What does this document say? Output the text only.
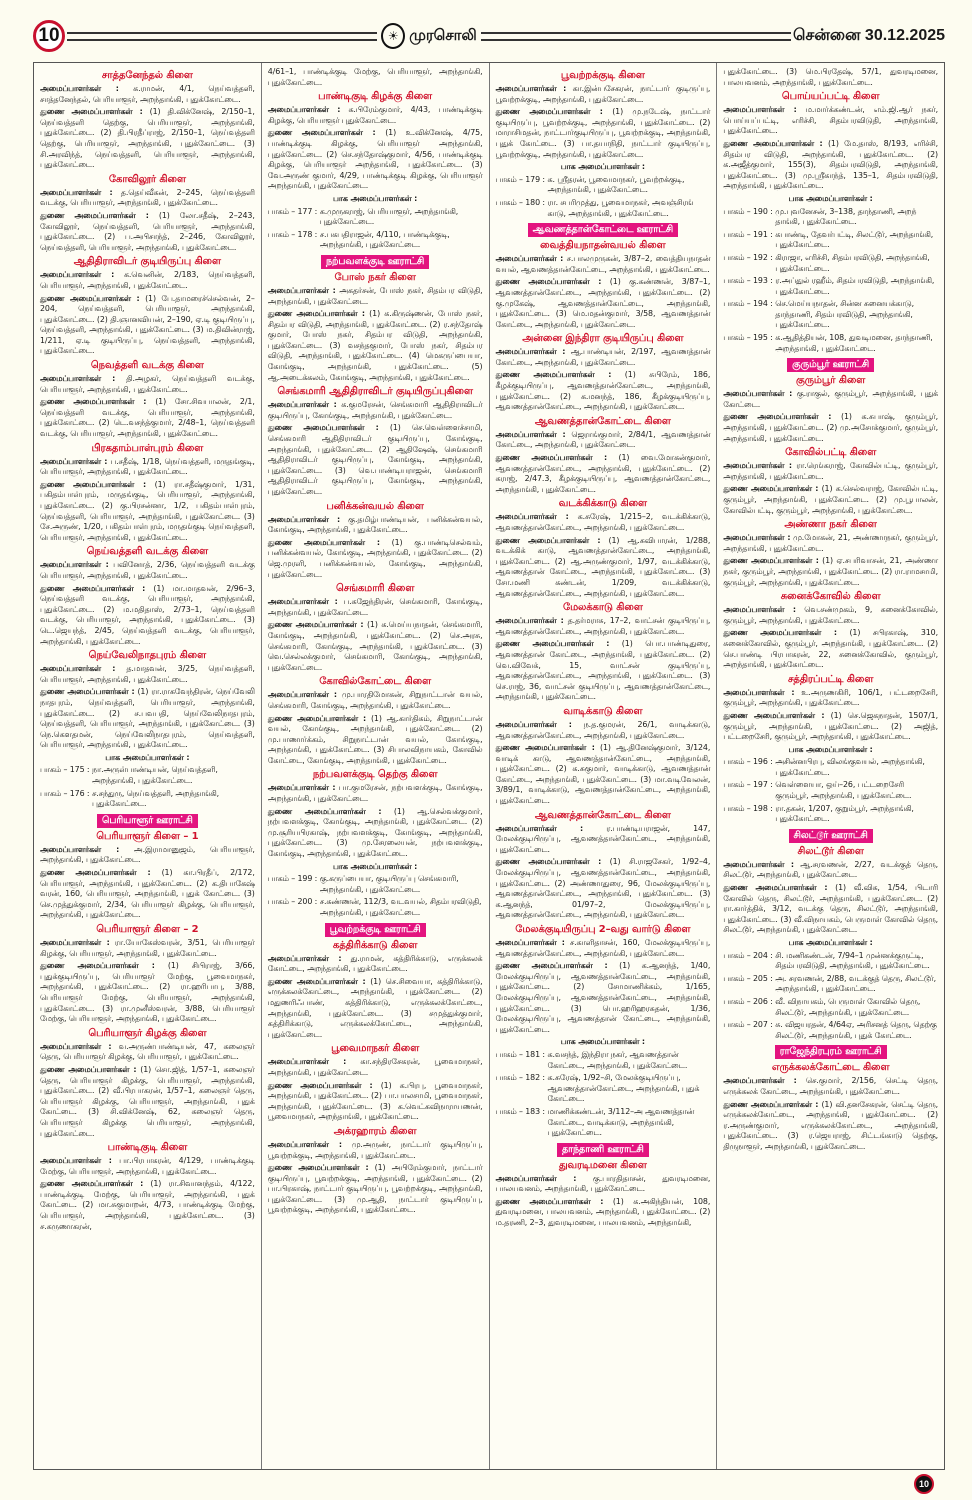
10	☀ முரசொலி	சென்னை 30.12.2025
சாத்தனேந்தல் கிளை
அமைப்பாளர்கள் : க.ராமன், 4/1, நெய்வத்தளி, சாத்தனேந்தல், பெரியாளூர், அறந்தாங்கி, புதுக்கோட்டை.
துணை அமைப்பாளர்கள் : (1) தி.விக்னேஷ், 2/150–1, நெய்வத்தளி தெற்கு, பெரியாளூர், அறந்தாங்கி, புதுக்கோட்டை. (2) தி.பிரதீப்ராஜ், 2/150–1, நெய்வத்தளி தெற்கு, பெரியாளூர், அறந்தாங்கி, புதுக்கோட்டை. (3) சி.அரவிந்த், நெய்வத்தளி, பெரியாளூர், அறந்தாங்கி, புதுக்கோட்டை.
கோவிலூர் கிளை
அமைப்பாளர்கள் : த.தெய்வீகன், 2–245, நெய்வத்தளி வடக்கு, பெரியாளூர், அறந்தாங்கி, புதுக்கோட்டை.
துணை அமைப்பாளர்கள் : (1) லோ.சதீஷ், 2–243, கோவிலூர், நெய்வத்தளி, பெரியாளூர், அறந்தாங்கி, புதுக்கோட்டை. (2) ப.அபிசாந்த், 2–246, கோவிலூர், நெய்வத்தளி, பெரியாளூர், அறந்தாங்கி, புதுக்கோட்டை.
ஆதிதிராவிடர் குடியிருப்பு கிளை
அமைப்பாளர்கள் : க.வெனின், 2/183, நெய்வத்தளி, பெரியாளூர், அறந்தாங்கி, புதுக்கோட்டை.
துணை அமைப்பாளர்கள் : (1) பே.தாமரைச்செல்வன், 2–204, நெய்வத்தளி, பெரியாளூர், அறந்தாங்கி, புதுக்கோட்டை. (2) தி.ஞானவியன், 2–190, ஏ.டி குடியிருப்பு, நெய்வத்தளி, அறந்தாங்கி, புதுக்கோட்டை. (3) ம.திவின்ராஜ், 1/211, ஏ.டி குடியிருப்பு, நெய்வத்தளி, அறந்தாங்கி, புதுக்கோட்டை.
நெவத்தளி வடக்கு கிளை
அமைப்பாளர்கள் : தி.அழகர், நெய்வத்தளி வடக்கு, பெரியாளூர், அறந்தாங்கி, புதுக்கோட்டை.
துணை அமைப்பாளர்கள் : (1) சோ.சிவபாலன், 2/1, நெய்வத்தளி வடக்கு, பெரியாளூர், அறந்தாங்கி, புதுக்கோட்டை. (2) டெ.வசந்த்குமார், 2/48–1, நெய்வத்தளி வடக்கு, பெரியாளூர், அறந்தாங்கி, புதுக்கோட்டை.
பிரகதாம்பாள்புரம் கிளை
அமைப்பாளர்கள் : ப.சதீஷ், 1/18, நெய்வத்தளி, மருதங்குடி, பெரியாளூர், அறந்தாங்கி, புதுக்கோட்டை.
துணை அமைப்பாளர்கள் : (1) ரா.சதீஷ்குமார், 1/31, பகிதம்பாள்புரம், மருதங்குடி, பெரியாளூர், அறந்தாங்கி, புதுக்கோட்டை. (2) கு.பிரசன்னா, 1/2, பகிதம்பாள்புரம், நெய்வத்தளி, பெரியாளூர், அறந்தாங்கி, புதுக்கோட்டை. (3) சே.அருண், 1/20, பகிதம்பாள்புரம், மருதங்குடி நெய்வத்தளி, பெரியாளூர், அறந்தாங்கி, புதுக்கோட்டை.
நெய்வத்தளி வடக்கு கிளை
அமைப்பாளர்கள் : பவினோத், 2/36, நெய்வத்தளி வடக்கு பெரியாளூர், அறந்தாங்கி, புதுக்கோட்டை.
துணை அமைப்பாளர்கள் : (1) மா.மாதவன், 2/96–3, நெய்வத்தளி வடக்கு, பெரியாளூர், அறந்தாங்கி, புதுக்கோட்டை. (2) ம.மதிதாஸ், 2/73–1, நெய்வத்தளி வடக்கு, பெரியாளூர், அறந்தாங்கி, புதுக்கோட்டை. (3) டெ.ஜெயந்த், 2/45, நெய்வத்தளி வடக்கு, பெரியாளூர், அறந்தாங்கி, புதுக்கோட்டை.
நெய்வேலிநாதபுரம் கிளை
அமைப்பாளர்கள் : த.மாதவன், 3/25, நெய்வத்தளி, பெரியாளூர், அறந்தாங்கி, புதுக்கோட்டை.
துணை அமைப்பாளர்கள் : (1) ரா.ராகவேந்திரன், நெய்வேலி நாதபுரம், நெய்வத்தளி, பெரியாளூர், அறந்தாங்கி, புதுக்கோட்டை. (2) ச.பவபதி, நெய்வேலிநாதபுரம், நெய்வத்தளி, பெரியாளூர், அறந்தாங்கி, புதுக்கோட்டை. (3) நெ.கௌதமன், நெய்வேலிநாதபுரம், நெய்வத்தளி, பெரியாளூர், அறந்தாங்கி, புதுக்கோட்டை.
பாக அமைப்பாளர்கள் :
பாகம் – 175 : நா.அருள்பாண்டியன், நெய்வத்தளி, அறந்தாங்கி, புதுக்கோட்டை.
பாகம் – 176 : ச.சந்துரு, நெய்வத்தளி, அறந்தாங்கி, புதுக்கோட்டை.
பெரியாளூர் ஊராட்சி
பெரியாளூர் கிளை – 1
அமைப்பாளர்கள் : அ.இராமானுஜம், பெரியாளூர், அறந்தாங்கி, புதுக்கோட்டை.
துணை அமைப்பாளர்கள் : (1) கா.பிரதீப், 2/172, பெரியாளூர், அறந்தாங்கி, புதுக்கோட்டை. (2) க.திபாகேஷ் வரன், 160, பெரியாளூர், அறந்தாங்கி, புதுக் கோட்டை. (3) செ.முத்துக்குமார், 2/34, பெரியாளூர் கிழக்கு, பெரியாளூர், அறந்தாங்கி, புதுக்கோட்டை.
பெரியாளூர் கிளை – 2
அமைப்பாளர்கள் : ரா.யோகேஸ்வரன், 3/51, பெரியாளூர் கிழக்கு, பெரியாளூர், அறந்தாங்கி, புதுக்கோட்டை.
துணை அமைப்பாளர்கள் : (1) சிபிராஜ், 3/66, புதுக்குடியிருப்பு, பெரியாளூர் மேற்கு, பூவைமாநகர், அறந்தாங்கி, புதுக்கோட்டை. (2) ரா.ஹரிபாபு, 3/88, பெரியாளூர் மேற்கு, பெரியாளூர், அறந்தாங்கி, புதுக்கோட்டை. (3) ரா.முனீஸ்வரன், 3/88, பெரியாளூர் மேற்கு, பெரியாளூர், அறந்தாங்கி, புதுக்கோட்டை.
பெரியாளூர் கிழக்கு கிளை
அமைப்பாளர்கள் : வ.அருண்பாண்டியன், 47, கலைஞர் தெரு, பெரியாளூர் கிழக்கு, பெரியாளூர், புதுக்கோட்டை.
துணை அமைப்பாளர்கள் : (1) சொ.ஜித், 1/57–1, கலைஞர் தெரு, பெரியாளூர் கிழக்கு, பெரியாளூர், அறந்தாங்கி, புதுக்கோட்டை. (2) வீ.பிரபாகரன், 1/57–1, கலைஞர் தெரு, பெரியாளூர் கிழக்கு, பெரியாளூர், அறந்தாங்கி, புதுக் கோட்டை. (3) சி.விக்னேஷ், 62, கலைஞர் தெரு, பெரியாளூர் கிழக்கு பெரியாளூர், அறந்தாங்கி, புதுக்கோட்டை.
பாண்டிகுடி கிளை
அமைப்பாளர்கள் : பா.பிரபாகரன், 4/129, பாண்டிக்குடி மேற்கு, பெரியாளூர், அறந்தாங்கி, புதுக்கோட்டை.
துணை அமைப்பாளர்கள் : (1) ரா.சிவானந்தம், 4/122, பாண்டிக்குடி மேற்கு, பெரியாளூர், அறந்தாங்கி, புதுக் கோட்டை. (2) மா.சுகுமாறன், 4/73, பாண்டிக்குடி மேற்கு, பெரியாளூர், அறந்தாங்கி, புதுக்கோட்டை. (3) ச.கருணாகரன்,
4/61–1, பாண்டிக்குடி மேற்கு, பெரியாளூர், அறந்தாங்கி, புதுக்கோட்டை.
பாண்டிகுடி கிழக்கு கிளை
அமைப்பாளர்கள் : க.பிரேம்குமார், 4/43, பாண்டிக்குடி கிழக்கு, பெரியாளூர் புதுக்கோட்டை.
துணை அமைப்பாளர்கள் : (1) உ.விக்னேஷ், 4/75, பாண்டிக்குடி கிழக்கு, பெரியாளூர் அறந்தாங்கி, புதுக்கோட்டை. (2) செ.சந்தோஷ்குமார், 4/56, பாண்டிக்குடி கிழக்கு, பெரியாளூர் அறந்தாங்கி, புதுக்கோட்டை. (3) வே.அருண் குமார், 4/29, பாண்டிக்குடி கிழக்கு, பெரியாளூர் அறந்தாங்கி, புதுக்கோட்டை.
பாக அமைப்பாளர்கள் :
பாகம் – 177 : க.முருகராஜ், பெரியாளூர், அறந்தாங்கி, புதுக்கோட்டை.
பாகம் – 178 : ச.பகபதிராஜன், 4/110, பாண்டிக்குடி, அறந்தாங்கி, புதுக்கோட்டை.
நற்பவளக்குடி ஊராட்சி
போஸ் நகர் கிளை
அமைப்பாளர்கள் : அகதர்சன், போஸ் நகர், சிதம்பர விடுதி, அறந்தாங்கி, புதுக்கோட்டை.
துணை அமைப்பாளர்கள் : (1) க.கிருஷ்ணன், போஸ் நகர், சிதம்பர விடுதி, அறந்தாங்கி, புதுக்கோட்டை. (2) ர.சந்தோஷ் குமார், போஸ் நகர், சிதம்பர விடுதி, அறந்தாங்கி, புதுக்கோட்டை. (3) வசந்தகுமார், போஸ் நகர், சிதம்பர விடுதி, அறந்தாங்கி, புதுக்கோட்டை. (4) மெகருப்பையா, கோங்குடி, அறந்தாங்கி, புதுக்கோட்டை. (5) ஆ.அடைக்கலம், கோங்குடி, அறந்தாங்கி, புதுக்கோட்டை.
செங்கமாரி ஆதிதிராவிடர் குடியிருப்புகிளை
அமைப்பாளர்கள் : க.குமரேசன், செங்கமாரி ஆதிதிராவிடர் குடியிருப்பு, கோங்குடி, அறந்தாங்கி, புதுக்கோட்டை.
துணை அமைப்பாளர்கள் : (1) செ.வெள்ளைச்சாமி, செங்கமாரி ஆதிதிராவிடர் குடியிருப்பு, கோங்குடி, அறந்தாங்கி, புதுக்கோட்டை. (2) ஆதிஷேஷ், செங்கமாரி ஆதிதிராவிடர் குடியிருப்பு, கோங்குடி, அறந்தாங்கி, புதுக்கோட்டை. (3) வெ.பாண்டியராஜன், செங்கமாரி ஆதிதிராவிடர் குடியிருப்பு, கோங்குடி, அறந்தாங்கி, புதுக்கோட்டை.
பனிக்கன்வயல் கிளை
அமைப்பாளர்கள் : கு.தமிழ்பாண்டியன், பனிக்கன்வயல், கோங்குடி, அறந்தாங்கி, புதுக்கோட்டை.
துணை அமைப்பாளர்கள் : (1) கு.பாண்டிசெல்வம், பனிக்கன்வயல், கோங்குடி, அறந்தாங்கி, புதுக்கோட்டை. (2) ஜெ.முரளி, பனிக்கன்வயல், கோங்குடி, அறந்தாங்கி, புதுக்கோட்டை.
செங்கமாரி கிளை
அமைப்பாளர்கள் : ப.கஜேந்திரன், செங்கமாரி, கோங்குடி, அறந்தாங்கி, புதுக்கோட்டை.
துணை அமைப்பாளர்கள் : (1) க.மெய்யநாதன், செங்கமாரி, கோங்குடி, அறந்தாங்கி, புதுக்கோட்டை. (2) செ.அரசு, செங்கமாரி, கோங்குடி, அறந்தாங்கி, புதுக்கோட்டை. (3) வெ.செல்லக்குமார், செங்கமாரி, கோங்குடி, அறந்தாங்கி, புதுக்கோட்டை.
கோவில்கோட்டை கிளை
அமைப்பாளர்கள் : மு.பாரதிமோகன், சிறுநாட்டான் வயல், செங்கமாரி, கோங்குடி, அறந்தாங்கி, புதுக்கோட்டை.
துணை அமைப்பாளர்கள் : (1) ஆ.கார்திகம், சிறுநாட்டான் வயல், கோங்குடி, அறந்தாங்கி, புதுக்கோட்டை. (2) மு.பாணார்க்கம், சிறுநாட்டான் வயல், கோங்குடி, அறந்தாங்கி, புதுக்கோட்டை. (3) சிபாலவிநாயகம், கோவில் கோட்டை, கோங்குடி, அறந்தாங்கி, புதுக்கோட்டை.
நற்பவளக்குடி தெற்கு கிளை
அமைப்பாளர்கள் : பா.குமரேசன், நற்பவளக்குடி, கோங்குடி, அறந்தாங்கி, புதுக்கோட்டை.
துணை அமைப்பாளர்கள் : (1) ஆ.செல்வக்குமார், நற்பவளக்குடி, கோங்குடி, அறந்தாங்கி, புதுக்கோட்டை. (2) மு.சூரியபிரகாஷ், நற்பவளக்குடி, கோங்குடி, அறந்தாங்கி, புதுக்கோட்டை. (3) மு.சேரலையன், நற்பவளக்குடி, கோங்குடி, அறந்தாங்கி, புதுக்கோட்டை.
பாக அமைப்பாளர்கள் :
பாகம் – 199 : கு.கருப்பையா, குடியிருப்பு செங்கமாரி, அறந்தாங்கி, புதுக்கோட்டை.
பாகம் – 200 : ச.கண்ணன், 112/3, வடவயல், சிதம்பரவிடுதி, அறந்தாங்கி, புதுக்கோட்டை.
பூவற்றக்குடி ஊராட்சி
கத்திரிக்காடு கிளை
அமைப்பாளர்கள் : து.ராமன், கத்திரிக்காடு, எருக்கலக் கோட்டை, அறந்தாங்கி, புதுக்கோட்டை.
துணை அமைப்பாளர்கள் : (1) செ.சிவையா, கத்திரிக்காடு, எருக்கலக்கோட்டை, அறந்தாங்கி, புதுக்கோட்டை. (2) மதுணரிஃபாண், கத்திரிக்காடு, எருக்கலக்கோட்டை, அறந்தாங்கி, புதுக்கோட்டை. (3) சமுத்துக்குமார், கத்திரிக்காடு, எருக்கலக்கோட்டை, அறந்தாங்கி, புதுக்கோட்டை.
பூவைமாநகர் கிளை
அமைப்பாளர்கள் : கா.சந்திரசேகரன், பூவைமாநகர், அறந்தாங்கி, புதுக்கோட்டை.
துணை அமைப்பாளர்கள் : (1) க.பிரபு, பூவைமாநகர், அறந்தாங்கி, புதுக்கோட்டை. (2) பா.பாலசாமி, பூவைமாநகர், அறந்தாங்கி, புதுக்கோட்டை. (3) க.வெட்கவிநாராயணன், பூவைமாநகர், அறந்தாங்கி, புதுக்கோட்டை.
அக்ரஹாரம் கிளை
அமைப்பாளர்கள் : மு.அருண், நாட்டார் குடியிருப்பு, பூவற்றக்குடி, அறந்தாங்கி, புதுக்கோட்டை.
துணை அமைப்பாளர்கள் : (1) அபிரேம்குமார், நாட்டார் குடியிருப்பு, பூவற்றக்குடி, அறந்தாங்கி, புதுக்கோட்டை. (2) பா.பிரகாஷ், நாட்டார் குடியிருப்பு, பூவற்றக்குடி, அறந்தாங்கி, புதுக்கோட்டை. (3) மு.ஆதி, நாட்டார் குடியிருப்பு, பூவற்றக்குடி, அறந்தாங்கி, புதுக்கோட்டை.
பூவற்றக்குடி கிளை
அமைப்பாளர்கள் : கா.இன்பசேகரன், நாட்டார் குடிருப்பு, பூவற்றக்குடி, அறந்தாங்கி, புதுக்கோட்டை.
துணை அமைப்பாளர்கள் : (1) மு.நடேஷ், நாட்டார் குடியிருப்பு, பூவற்றக்குடி, அறந்தாங்கி, புதுக்கோட்டை. (2) மாராசிமதன், நாட்டார்குடியிருப்பு, பூவற்றக்குடி, அறந்தாங்கி, புதுக் கோட்டை. (3) பா.தயாநிதி, நாட்டார் குடியிருப்பு, பூவற்றக்குடி, அறந்தாங்கி, புதுக்கோட்டை.
பாக அமைப்பாளர்கள் :
பாகம் – 179 : க. ஸ்ரீதரன், பூவைமாநகர், பூவற்றக்குடி, அறந்தாங்கி, புதுக்கோட்டை.
பாகம் – 180 : ரா. சபரிமுத்து, பூவைமாநகர், அவஞ்சிரங் காடு, அறந்தாங்கி, புதுக்கோட்டை.
ஆவணத்தான்கோட்டை ஊராட்சி
வைத்தியநாதன்வயல் கிளை
அமைப்பாளர்கள் : ச.பாலமுருகன், 3/87–2, வைத்தியநாதன் வயல், ஆவணத்தான்கோட்டை, அறந்தாங்கி, புதுக்கோட்டை.
துணை அமைப்பாளர்கள் : (1) கு.கண்ணன், 3/87–1, ஆவணத்தான்கோட்டை, அறந்தாங்கி, புதுக்கோட்டை. (2) கு.முகேஷ், ஆவணத்தான்கோட்டை, அறந்தாங்கி, புதுக்கோட்டை. (3) மெ.மதன்குமார், 3/58, ஆவணத்தான் கோட்டை, அறந்தாங்கி, புதுக்கோட்டை.
அன்னை இந்திரா குடியிருப்பு கிளை
அமைப்பாளர்கள் : ஆ.பாண்டியன், 2/197, ஆவணத்தான் கோட்டை, அறந்தாங்கி, புதுக்கோட்டை.
துணை அமைப்பாளர்கள் : (1) சுபிரேம், 186, கீழக்குடியிருப்பு, ஆவணத்தான்கோட்டை, அறந்தாங்கி, புதுக்கோட்டை. (2) க.மனந்த், 186, கீழக்குடியிருப்பு, ஆவணத்தான்கோட்டை, அறந்தாங்கி, புதுக்கோட்டை.
ஆவணத்தான்கோட்டை கிளை
அமைப்பாளர்கள் : ஜெராங்குமார், 2/84/1, ஆவணத்தான் கோட்டை, அறந்தாங்கி, புதுக்கோட்டை.
துணை அமைப்பாளர்கள் : (1) வை.மோகன்குமார், ஆவணத்தான்கோட்டை, அறந்தாங்கி, புதுக்கோட்டை. (2) கராஜ், 2/47.3, கீழக்குடியிருப்பு, ஆவணத்தான்கோட்டை, அறந்தாங்கி, புதுக்கோட்டை.
வடக்கிக்காடு கிளை
அமைப்பாளர்கள் : க.சுரேஷ், 1/215–2, வடக்கிக்காடு, ஆவணத்தான்கோட்டை, அறந்தாங்கி, புதுக்கோட்டை.
துணை அமைப்பாளர்கள் : (1) ஆ.சுவிபாரன், 1/288, வடக்கிக் காடு, ஆவணத்தான்கோட்டை, அறந்தாங்கி, புதுக்கோட்டை. (2) ஆ.அருண்குமார், 1/97, வடக்கிக்காடு, ஆவணத்தான் கோட்டை, அறந்தாங்கி, புதுக்கோட்டை. (3) சோ.மணி கண்டன், 1/209, வடக்கிக்காடு, ஆவணத்தான்கோட்டை, அறந்தாங்கி, புதுக்கோட்டை.
மேலக்காடு கிளை
அமைப்பாளர்கள் : த.தர்மராசு, 17–2, வாட்சன் குடியிருப்பு, ஆவணத்தான்கோட்டை, அறந்தாங்கி, புதுக்கோட்டை.
துணை அமைப்பாளர்கள் : (1) பொ.பாண்டிதுரை, ஆவணத்தான் கோட்டை, அறந்தாங்கி, புதுக்கோட்டை. (2) வெ.விவேக், 15, வாட்சன் குடியிருப்பு, ஆவணத்தான்கோட்டை, அறந்தாங்கி, புதுக்கோட்டை. (3) செ.ராஜ், 36, வாட்சன் குடியிருப்பு, ஆவணத்தான்கோட்டை, அறந்தாங்கி, புதுக்கோட்டை.
வாடிக்காடு கிளை
அமைப்பாளர்கள் : ந.த.குமரன், 26/1, வாடிக்காடு, ஆவணத்தான்கோட்டை, அறந்தாங்கி, புதுக்கோட்டை.
துணை அமைப்பாளர்கள் : (1) ஆ.தினேஷ்குமார், 3/124, வாடிக் காடு, ஆவணத்தான்கோட்டை, அறந்தாங்கி, புதுக்கோட்டை. (2) க.சுகுமார், வாடிக்காடு, ஆவணத்தான் கோட்டை, அறந்தாங்கி, புதுக்கோட்டை. (3) மா.வடிவேலன், 3/89/1, வாடிக்காடு, ஆவணத்தான்கோட்டை, அறந்தாங்கி, புதுக்கோட்டை.
ஆவணத்தான்கோட்டை கிளை
அமைப்பாளர்கள் :	ர.பாண்டியராஜன், 147, மேலக்குடியிருப்பு, ஆவணத்தான்கோட்டை, அறந்தாங்கி, புதுக்கோட்டை.
துணை அமைப்பாளர்கள் : (1) சி.ராஜசேகர், 1/92–4, மேலக்குடியிருப்பு, ஆவணத்தான்கோட்டை, அறந்தாங்கி, புதுக்கோட்டை. (2) அண்ணாதுரை, 96, மேலக்குடியிருப்பு, ஆவணத்தான்கோட்டை, அறந்தாங்கி, புதுக்கோட்டை. (3) க.ஆனந்த், 01/97–2, மேலக்குடியிருப்பு, ஆவணத்தான்கோட்டை, அறந்தாங்கி, புதுக்கோட்டை.
மேலக்குடியிருப்பு 2–வது வார்டு கிளை
அமைப்பாளர்கள் : ச.காளிதாசன், 160, மேலக்குடியிருப்பு, ஆவணத்தான்கோட்டை, அறந்தாங்கி, புதுக்கோட்டை.
துணை அமைப்பாளர்கள் : (1) க.ஆனந்த், 1/40, மேலக்குடியிருப்பு, ஆவணத்தான்கோட்டை, அறந்தாங்கி, புதுக்கோட்டை. (2) சோமாணிக்கம், 1/165, மேலக்குடியிருப்பு, ஆவணத்தான்கோட்டை, அறந்தாங்கி, புதுக்கோட்டை. (3) பொ.ஹரிஹரசுதன், 1/36, மேலக்குடியிருப்பு, ஆவணத்தான் கோட்டை, அறந்தாங்கி, புதுக்கோட்டை.
பாக அமைப்பாளர்கள் :
பாகம் – 181 : க.வசந்த், இந்திரா நகர், ஆவணத்தான் கோட்டை, அறந்தாங்கி, புதுக்கோட்டை.
பாகம் – 182 : க.சுரேஷ், 1/92–சி, மேலக்குடியிருப்பு, ஆவணத்தான்கோட்டை, அறந்தாங்கி, புதுக் கோட்டை.
பாகம் – 183 : மாணிக்கண்டன், 3/112–அ ஆவணத்தான் கோட்டை, வாடிக்காடு, அறந்தாங்கி, புதுக்கோட்டை.
தாந்தாணி ஊராட்சி
துவரடிமனை கிளை
அமைப்பாளர்கள் : கு.பாரதிதாசன், துவரடிமனை, பாலயவனம், அறந்தாங்கி, புதுக்கோட்டை.
துணை அமைப்பாளர்கள் : (1) க.அகிந்தியன், 108, துவரடிமனை, பாலயவனம், அறந்தாங்கி, புதுக்கோட்டை. (2) ம.தரணி, 2–3, துவரடிமனை, பாலயவனம், அறந்தாங்கி,
புதுக்கோட்டை. (3) மெ.பிரதேஷ், 57/1, துவரடிமனை, பாலயவனம், அறந்தாங்கி, புதுக்கோட்டை.
பொய்யப்பட்டி கிளை
அமைப்பாளர்கள் : ம.மார்க்கண்டன், எம்.ஜி.ஆர் நகர், பொய்யப்பட்டி, எரிச்சி, சிதம்பரவிடுதி, அறந்தாங்கி, புதுக்கோட்டை.
துணை அமைப்பாளர்கள் : (1) மே.தாஸ், 8/193, எரிச்சி, சிதம்பர விடுதி, அறந்தாங்கி, புதுக்கோட்டை. (2) க.அஜீத்குமார், 155(3), சிதம்பரவிடுதி, அறந்தாங்கி, புதுக்கோட்டை. (3) மு.ஸ்ரீகாந்த், 135–1, சிதம்பரவிடுதி, அறந்தாங்கி, புதுக்கோட்டை.
பாக அமைப்பாளர்கள் :
பாகம் – 190 : மு.புவனேசன், 3–138, தாந்தாணி, அறந் தாங்கி, புதுக்கோட்டை.
பாகம் – 191 : கபாண்டி, தேவர்பட்டி, சிலட்டூர், அறந்தாங்கி, புதுக்கோட்டை.
பாகம் – 192 : கிராஜா, எரிச்சி, சிதம்பரவிடுதி, அறந்தாங்கி, புதுக்கோட்டை.
பாகம் – 193 : ர.அப்துல் ரஹீம், சிதம்பரவிடுதி, அறந்தாங்கி, புதுக்கோட்டை.
பாகம் – 194 : செ.மெய்யநாதன், சின்ன சுனையக்காடு, தாந்தாணி, சிதம்பரவிடுதி, அறந்தாங்கி, புதுக்கோட்டை.
பாகம் – 195 : க.ஆதித்தியன், 108, துவடிமனை, தாந்தாணி, அறந்தாங்கி, புதுக்கோட்டை.
குரும்பூர் ஊராட்சி
குரும்பூர் கிளை
அமைப்பாளர்கள் : கு.ராகுல், குரும்பூர், அறந்தாங்கி, புதுக் கோட்டை.
துணை அமைப்பாளர்கள் : (1) க.சுபாஷ், குரும்பூர், அறந்தாங்கி, புதுக்கோட்டை. (2) மு.அசோக்குமார், குரும்பூர், அறந்தாங்கி, புதுக்கோட்டை.
கோவில்பட்டி கிளை
அமைப்பாளர்கள் : ரா.ரெங்கராஜ், கோவில்பட்டி, குரும்பூர், அறந்தாங்கி, புதுக்கோட்டை.
துணை அமைப்பாளர்கள் : (1) க.செல்வராஜ், கோவில்பட்டி, குரும்பூர், அறந்தாங்கி, புதுக்கோட்டை. (2) மு.பூபாலன், கோவில்பட்டி, குரும்பூர், அறந்தாங்கி, புதுக்கோட்டை.
அண்ணா நகர் கிளை
அமைப்பாளர்கள் : மு.மோகன், 21, அண்ணாநகர், குரும்பூர், அறந்தாங்கி, புதுக்கோட்டை.
துணை அமைப்பாளர்கள் : (1) ஏ.சபரிவாசன், 21, அண்ணா நகர், குரும்பூர், அறந்தாங்கி, புதுக்கோட்டை. (2) ரா.ராமசாமி, குரும்பூர், அறந்தாங்கி, புதுக்கோட்டை.
சுனைக்கோவில் கிளை
அமைப்பாளர்கள் : வெ.சண்முகம், 9, சுனைக்கோவில், குரும்பூர், அறந்தாங்கி, புதுக்கோட்டை.
துணை அமைப்பாளர்கள் : (1) சபிரகாஷ், 310, சுனைக்கோவில், குரும்பூர், அறந்தாங்கி, புதுக்கோட்டை. (2) செ.பாண்டி பிரபாகரன், 22, சுனைக்கோவில், குரும்பூர், அறந்தாங்கி, புதுக்கோட்டை.
சத்திரப்பட்டி கிளை
அமைப்பாளர்கள் : உ.அருணகிரி, 106/1, பட்டறைசேரி, குரும்பூர், அறந்தாங்கி, புதுக்கோட்டை.
துணை அமைப்பாளர்கள் : (1) செ.ஜெகநாதன், 1507/1, குரும்பூர், அறந்தாங்கி, புதுக்கோட்டை. (2) அஜித், பட்டறைசேரி, குரும்பூர், அறந்தாங்கி, புதுக்கோட்டை.
பாக அமைப்பாளர்கள் :
பாகம் – 196 : அசின்னபிரபு, விலங்குவயல், அறந்தாங்கி, புதுக்கோட்டை.
பாகம் – 197 : வெள்ளையா, ஒய்–26, பட்டறைசேரி குரும்பூர், அறந்தாங்கி, புதுக்கோட்டை.
பாகம் – 198 : ரா.தகன், 1/207, குறும்பூர், அறந்தாங்கி, புதுக்கோட்டை.
சிலட்டூர் ஊராட்சி
சிலட்டூர் கிளை
அமைப்பாளர்கள் : ஆ.சரவணன், 2/27, வடக்குத் தெரு, சிலட்டூர், அறந்தாங்கி, புதுக்கோட்டை.
துணை அமைப்பாளர்கள் : (1) வீ.விக, 1/54, பிடாரி கோவில் தெரு, சிலட்டூர், அறந்தாங்கி, புதுக்கோட்டை. (2) ரா.கார்த்திக், 3/12, வடக்கு தெரு, சிலட்டூர், அறந்தாங்கி, புதுக்கோட்டை. (3) வீ.விநாயகம், பெருமாள் கோவில் தெரு, சிலட்டூர், அறந்தாங்கி, புதுக்கோட்டை.
பாக அமைப்பாளர்கள் :
பாகம் – 204 : சி. மணிகண்டன், 7/94–1 முன்னக்குருட்டி, சிதம்பரவிடுதி, அறந்தாங்கி, புதுக்கோட்டை.
பாகம் – 205 : அ. சரவணன், 2/88, வடக்குத் தெரு, சிலட்டூர், அறந்தாங்கி, புதுக்கோட்டை.
பாகம் – 206 : வீ. விநாயகம், பெருமாள் கோவில் தெரு, சிலட்டூர், அறந்தாங்கி, புதுக்கோட்டை.
பாகம் – 207 : சு. விஜயரதன், 4/64ஏ, அரிசனத் தெரு, தெற்கு சிலட்டூர், அறந்தாங்கி, புதுக் கோட்டை.
ராஜேந்திரபுரம் ஊராட்சி
எருக்கலக்கோட்டை கிளை
அமைப்பாளர்கள் : செ.குமார், 2/156, செட்டி தெரு, எருக்கலக் கோட்டை, அறந்தாங்கி, புதுக்கோட்டை.
துணை அமைப்பாளர்கள் : (1) வி.தனசேகரன், செட்டி தெரு, எருக்கலக்கோட்டை, அறந்தாங்கி, புதுக்கோட்டை. (2) ர.அருண்குமார், எருக்கலக்கோட்டை, அறந்தாங்கி, புதுக்கோட்டை. (3) ர.ஜெயராஜ், சிட்டங்காடு தெற்கு, திருநாளூர், அறந்தாங்கி, புதுக்கோட்டை.
10
